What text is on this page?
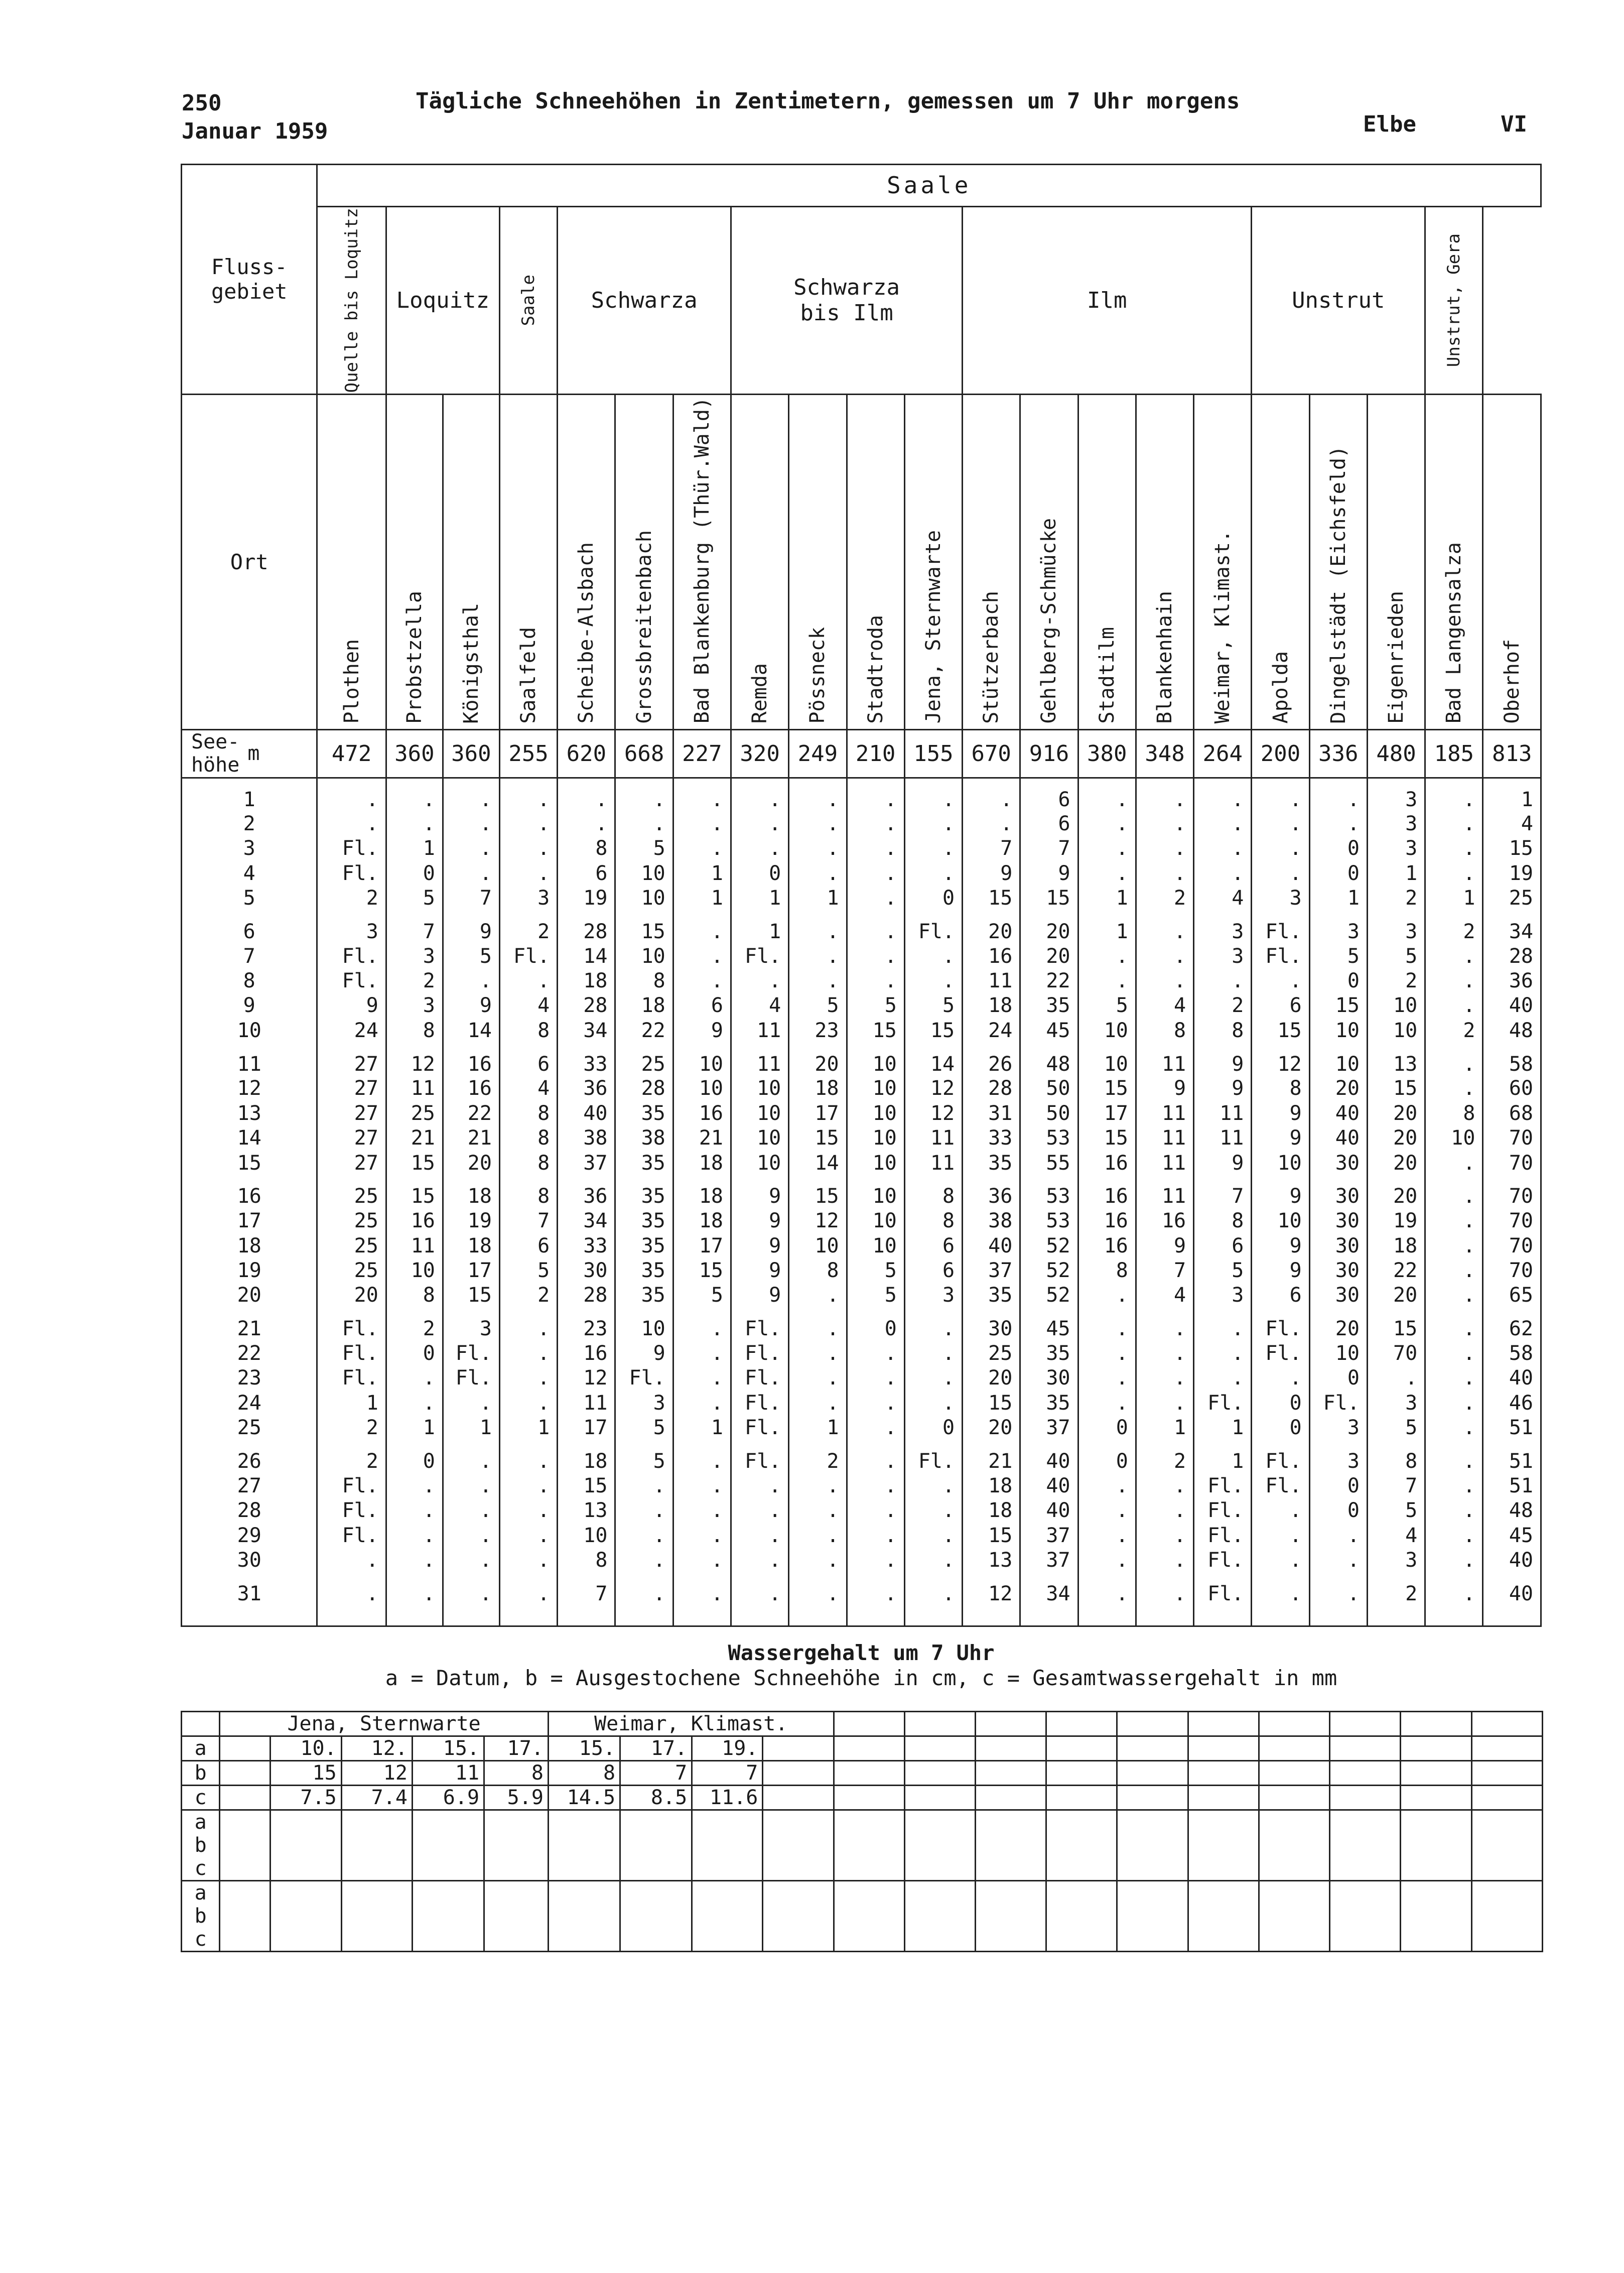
250
Januar 1959
Tägliche Schneehöhen in Zentimetern, gemessen um 7 Uhr morgens
Elbe	VI
Fluss-
gebiet	Saale																				

	Quelle bis Loquitz	Loquitz		Saale	Schwarza			Schwarza
bis Ilm				Ilm					Unstrut			Unstrut, Gera	

Ort	Plothen	Probstzella	Königsthal	Saalfeld	Scheibe-Alsbach	Grossbreitenbach	Bad Blankenburg (Thür.Wald)	Remda	Pössneck	Stadtroda	Jena, Sternwarte	Stützerbach	Gehlberg-Schmücke	Stadtilm	Blankenhain	Weimar, Klimast.	Apolda	Dingelstädt (Eichsfeld)	Eigenrieden	Bad Langensalza	Oberhof

See-
höhe m	472	360	360	255	620	668	227	320	249	210	155	670	916	380	348	264	200	336	480	185	813
1	.	.	.	.	.	.	.	.	.	.	.	.	6	.	.	.	.	.	3	.	1
2	.	.	.	.	.	.	.	.	.	.	.	.	6	.	.	.	.	.	3	.	4
3	Fl.	1	.	.	8	5	.	.	.	.	.	7	7	.	.	.	.	0	3	.	15
4	Fl.	0	.	.	6	10	1	0	.	.	.	9	9	.	.	.	.	0	1	.	19
5	2	5	7	3	19	10	1	1	1	.	0	15	15	1	2	4	3	1	2	1	25
6	3	7	9	2	28	15	.	1	.	.	Fl.	20	20	1	.	3	Fl.	3	3	2	34
7	Fl.	3	5	Fl.	14	10	.	Fl.	.	.	.	16	20	.	.	3	Fl.	5	5	.	28
8	Fl.	2	.	.	18	8	.	.	.	.	.	11	22	.	.	.	.	0	2	.	36
9	9	3	9	4	28	18	6	4	5	5	5	18	35	5	4	2	6	15	10	.	40
10	24	8	14	8	34	22	9	11	23	15	15	24	45	10	8	8	15	10	10	2	48
11	27	12	16	6	33	25	10	11	20	10	14	26	48	10	11	9	12	10	13	.	58
12	27	11	16	4	36	28	10	10	18	10	12	28	50	15	9	9	8	20	15	.	60
13	27	25	22	8	40	35	16	10	17	10	12	31	50	17	11	11	9	40	20	8	68
14	27	21	21	8	38	38	21	10	15	10	11	33	53	15	11	11	9	40	20	10	70
15	27	15	20	8	37	35	18	10	14	10	11	35	55	16	11	9	10	30	20	.	70
16	25	15	18	8	36	35	18	9	15	10	8	36	53	16	11	7	9	30	20	.	70
17	25	16	19	7	34	35	18	9	12	10	8	38	53	16	16	8	10	30	19	.	70
18	25	11	18	6	33	35	17	9	10	10	6	40	52	16	9	6	9	30	18	.	70
19	25	10	17	5	30	35	15	9	8	5	6	37	52	8	7	5	9	30	22	.	70
20	20	8	15	2	28	35	5	9	.	5	3	35	52	.	4	3	6	30	20	.	65
21	Fl.	2	3	.	23	10	.	Fl.	.	0	.	30	45	.	.	.	Fl.	20	15	.	62
22	Fl.	0	Fl.	.	16	9	.	Fl.	.	.	.	25	35	.	.	.	Fl.	10	70	.	58
23	Fl.	.	Fl.	.	12	Fl.	.	Fl.	.	.	.	20	30	.	.	.	.	0	.	.	40
24	1	.	.	.	11	3	.	Fl.	.	.	.	15	35	.	.	Fl.	0	Fl.	3	.	46
25	2	1	1	1	17	5	1	Fl.	1	.	0	20	37	0	1	1	0	3	5	.	51
26	2	0	.	.	18	5	.	Fl.	2	.	Fl.	21	40	0	2	1	Fl.	3	8	.	51
27	Fl.	.	.	.	15	.	.	.	.	.	.	18	40	.	.	Fl.	Fl.	0	7	.	51
28	Fl.	.	.	.	13	.	.	.	.	.	.	18	40	.	.	Fl.	.	0	5	.	48
29	Fl.	.	.	.	10	.	.	.	.	.	.	15	37	.	.	Fl.	.	.	4	.	45
30	.	.	.	.	8	.	.	.	.	.	.	13	37	.	.	Fl.	.	.	3	.	40
31	.	.	.	.	7	.	.	.	.	.	.	12	34	.	.	Fl.	.	.	2	.	40

Wassergehalt um 7 Uhr
a = Datum, b = Ausgestochene Schneehöhe in cm, c = Gesamtwassergehalt in mm
	Jena, Sternwarte					Weimar, Klimast.													
a		10.	12.	15.	17.	15.	17.	19.											
b		15	12	11	8	8	7	7											
c		7.5	7.4	6.9	5.9	14.5	8.5	11.6											
a																			
b																			
c																			
a																			
b																			
c																			
